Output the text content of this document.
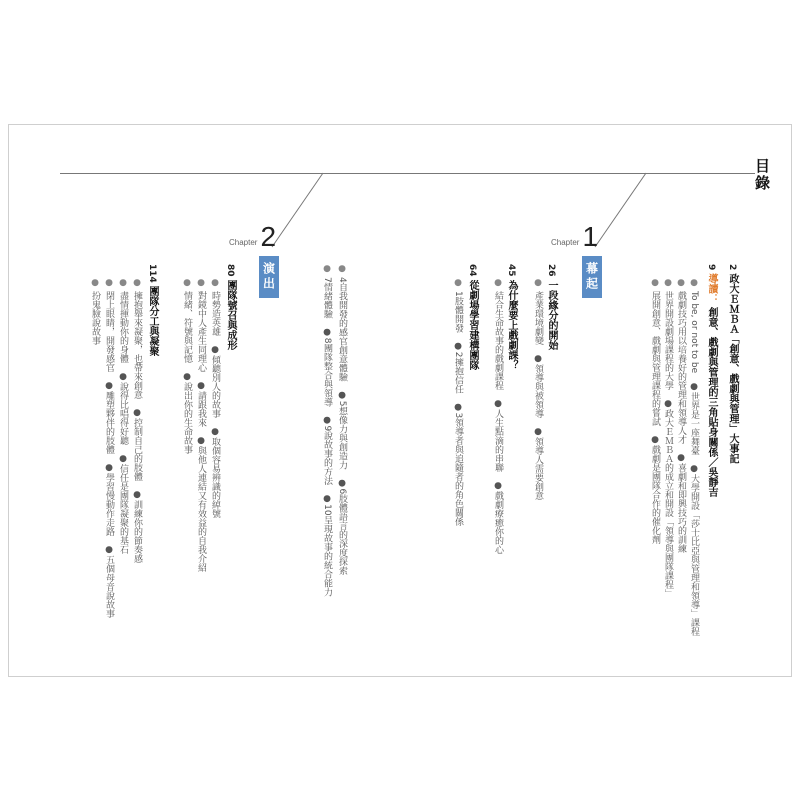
目錄
Chapter 1
幕起
Chapter 2
演出	2 政大ＥＭＢＡ「創意、戲劇與管理」大事記
9 導讀： 創意、戲劇與管理的三角貼身關係／吳靜吉
●To be, or not to be　●世界是一座舞臺　●大學開設「莎士比亞與管理和領導」課程
●戲劇技巧用以培養好的管理和領導人才　●喜劇和即興技巧的訓練
●世界開設劇場課程的大學　●政大ＥＭＢＡ的成立和開設「領導與團隊課程」
●展開創意、戲劇與管理課程的嘗試　●戲劇是團隊合作的催化劑
26 一段緣分的開始
●產業環境劇變　●領導與被領導　●領導人需要創意
45 為什麼要上戲劇課？
●結合生命故事的戲劇課程　●人生點滴的串聯　●戲劇療癒你的心
64 從劇場學習建構團隊
●1肢體開發　●2擁抱信任　●3領導者與追隨者的角色關係
●4自我開發的感官創意體驗　●5想像力與創造力　●6肢體語言的深度探索
●7情緒體驗　●8團隊整合與領導　●9說故事的方法　●10呈現故事的統合能力
80 團隊號召與成形
●時勢造英雄　●傾聽別人的故事　●取個容易辨識的綽號
●對鏡中人產生同理心　●請跟我來　●與他人連結又有效益的自我介紹
●情緒、符號與記憶　●說出你的生命故事
114 團隊分工與凝聚
●擁抱舉來凝聚，也帶來創意　●控制自己的肢體　●訓練你的節奏感
●盡情揮動你的身體　●說得比唱得好聽　●信任是團隊凝聚的基石
●閉上眼睛，開發感官　●雕塑夥伴的肢體　●學習慢動作走路　●五個母音說故事
●扮鬼臉說故事
